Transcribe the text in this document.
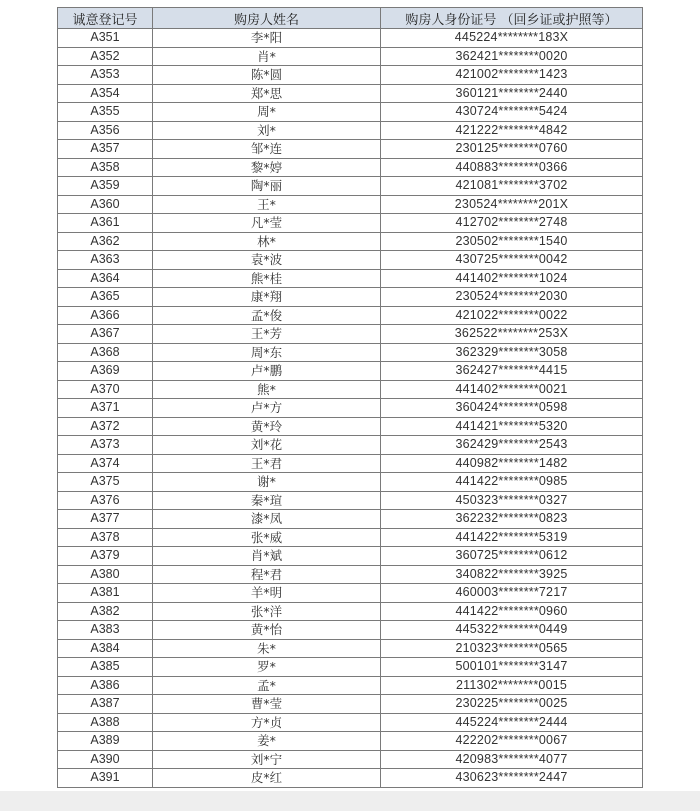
诚意登记号	购房人姓名	购房人身份证号 （回乡证或护照等）
A351	李*阳	445224********183X
A352	肖*	362421********0020
A353	陈*圆	421002********1423
A354	郑*思	360121********2440
A355	周*	430724********5424
A356	刘*	421222********4842
A357	邹*连	230125********0760
A358	黎*婷	440883********0366
A359	陶*丽	421081********3702
A360	王*	230524********201X
A361	凡*莹	412702********2748
A362	林*	230502********1540
A363	袁*波	430725********0042
A364	熊*桂	441402********1024
A365	康*翔	230524********2030
A366	孟*俊	421022********0022
A367	王*芳	362522********253X
A368	周*东	362329********3058
A369	卢*鹏	362427********4415
A370	熊*	441402********0021
A371	卢*方	360424********0598
A372	黄*玲	441421********5320
A373	刘*花	362429********2543
A374	王*君	440982********1482
A375	谢*	441422********0985
A376	秦*瑄	450323********0327
A377	漆*凤	362232********0823
A378	张*威	441422********5319
A379	肖*斌	360725********0612
A380	程*君	340822********3925
A381	羊*明	460003********7217
A382	张*洋	441422********0960
A383	黄*怡	445322********0449
A384	朱*	210323********0565
A385	罗*	500101********3147
A386	孟*	211302********0015
A387	曹*莹	230225********0025
A388	方*贞	445224********2444
A389	姜*	422202********0067
A390	刘*宁	420983********4077
A391	皮*红	430623********2447
